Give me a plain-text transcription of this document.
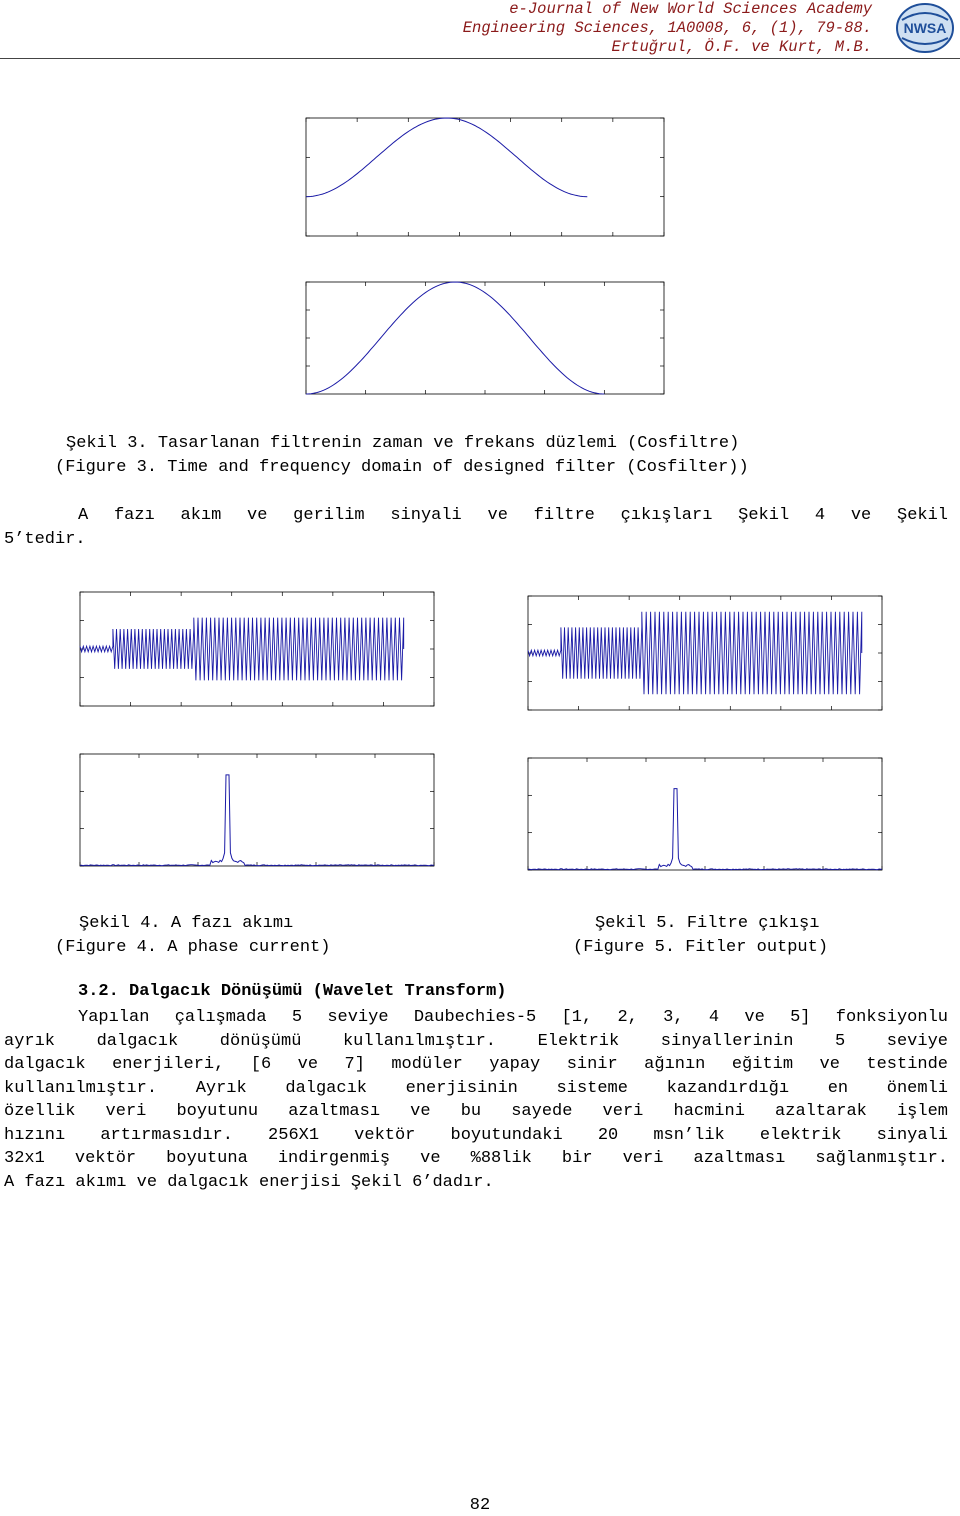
e-Journal of New World Sciences Academy
Engineering Sciences, 1A0008, 6, (1), 79-88.
Ertuğrul, Ö.F. ve Kurt, M.B.
NWSA
Şekil 3. Tasarlanan filtrenin zaman ve frekans düzlemi (Cosfiltre)
(Figure 3. Time and frequency domain of designed filter (Cosfilter))
A fazı akım ve gerilim sinyali ve filtre çıkışları Şekil 4 ve Şekil
5’tedir.
Şekil 4. A fazı akımı
(Figure 4. A phase current)
Şekil 5. Filtre çıkışı
(Figure 5. Fitler output)
3.2. Dalgacık Dönüşümü (Wavelet Transform)
Yapılan çalışmada 5 seviye Daubechies-5 [1, 2, 3, 4 ve 5] fonksiyonlu
ayrık dalgacık dönüşümü kullanılmıştır. Elektrik sinyallerinin 5 seviye
dalgacık enerjileri, [6 ve 7] modüler yapay sinir ağının eğitim ve testinde
kullanılmıştır. Ayrık dalgacık enerjisinin sisteme kazandırdığı en önemli
özellik veri boyutunu azaltması ve bu sayede veri hacmini azaltarak işlem
hızını artırmasıdır. 256X1 vektör boyutundaki 20 msn’lik elektrik sinyali
32x1 vektör boyutuna indirgenmiş ve %88lik bir veri azaltması sağlanmıştır.
A fazı akımı ve dalgacık enerjisi Şekil 6’dadır.
82
